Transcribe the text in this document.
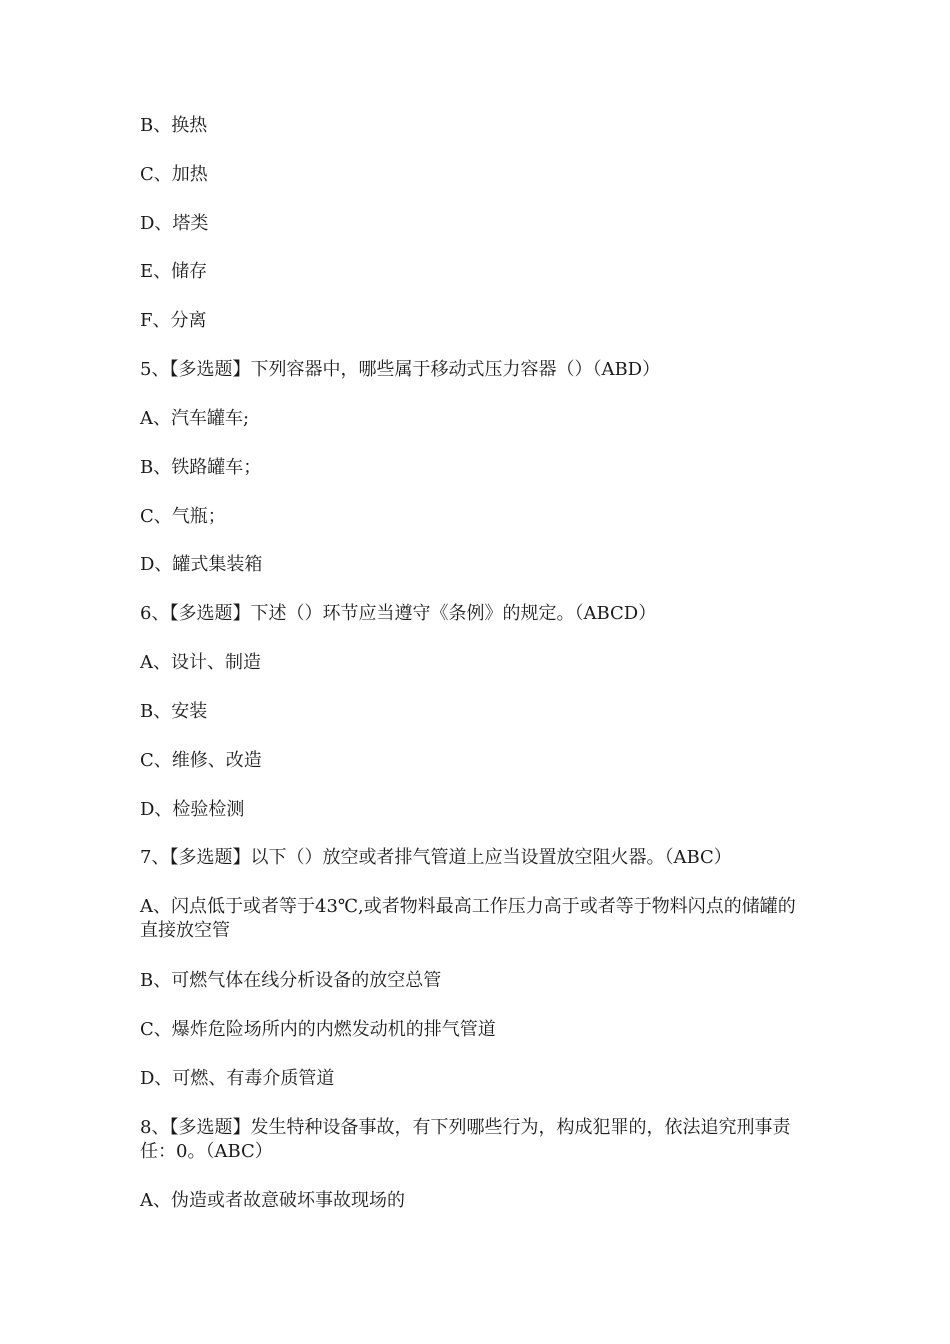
B、换热
C、加热
D、塔类
E、储存
F、分离
5、【多选题】下列容器中，哪些属于移动式压力容器（）（ABD）
A、汽车罐车;
B、铁路罐车；
C、气瓶；
D、罐式集装箱
6、【多选题】下述（）环节应当遵守《条例》的规定。（ABCD）
A、设计、制造
B、安装
C、维修、改造
D、检验检测
7、【多选题】以下（）放空或者排气管道上应当设置放空阻火器。（ABC）
A、闪点低于或者等于43℃,或者物料最高工作压力高于或者等于物料闪点的储罐的直接放空管
B、可燃气体在线分析设备的放空总管
C、爆炸危险场所内的内燃发动机的排气管道
D、可燃、有毒介质管道
8、【多选题】发生特种设备事故，有下列哪些行为，构成犯罪的，依法追究刑事责任：0。（ABC）
A、伪造或者故意破坏事故现场的
